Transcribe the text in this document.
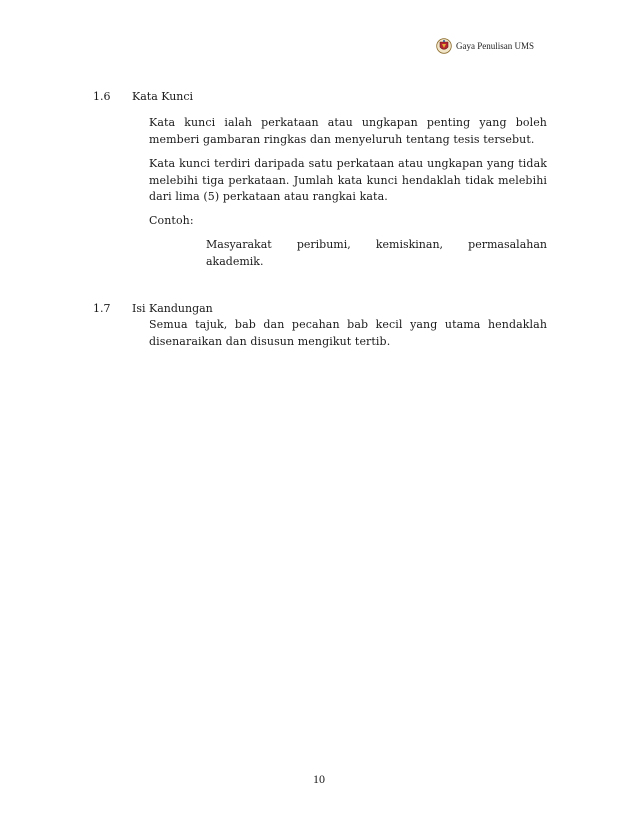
Gaya Penulisan UMS
1.6 Kata Kunci

Kata kunci ialah perkataan atau ungkapan penting yang boleh memberi gambaran ringkas dan menyeluruh tentang tesis tersebut.

Kata kunci terdiri daripada satu perkataan atau ungkapan yang tidak melebihi tiga perkataan. Jumlah kata kunci hendaklah tidak melebihi dari lima (5) perkataan atau rangkai kata.

Contoh:

Masyarakat peribumi, kemiskinan, permasalahan
akademik.
1.7 Isi Kandungan

Semua tajuk, bab dan pecahan bab kecil yang utama hendaklah disenaraikan dan disusun mengikut tertib.

10
